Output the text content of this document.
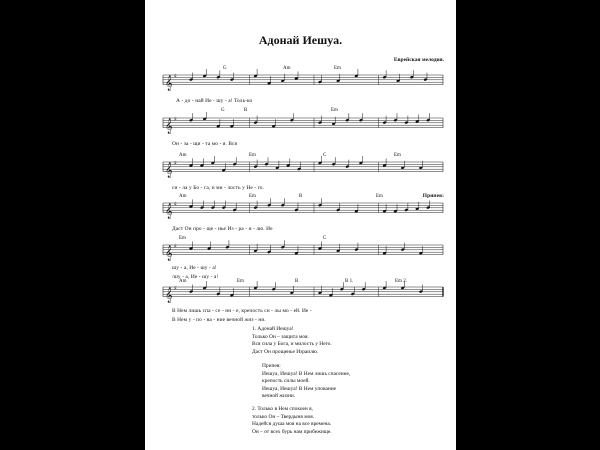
Адонай Иешуа.
Еврейская мелодия.
𝄞 ♯
𝄞 ♯
𝄞 ♯
𝄞 ♯
𝄞 ♯
𝄞 ♯
G	Am	Em
А - до - най Ие - шу - а! Толь-ко
G	B	Em
Он - за - щи - та мо - я. Вся
Am	Em	C	Em
си - ла у Бо - га, и ми - лость у Не - го.
Am	Em	B	Em	Припев:
Даст Он про - ще - нье Из - ра - и - лю. Ие
Em	C
шу - а, Ие - шу - а!
/шу - а, Ие - шу - а!
Am	Em	B	B 1.	Em 2.
В Нем лишь спа - се - ни - е, крепость си - лы мо - ей. Ие -
В Нем у - по - ва - ние вечной жиз - ни.
1. Адонай Иешуа!
Только Он – защита моя.
Вся сила у Бога, и милость у Него.
Даст Он прощенье Израилю.
Припев:
Иешуа, Иешуа! В Нем лишь спасение,
крепость силы моей.
Иешуа, Иешуа! В Нем упование
вечной жизни.
2. Только в Нем спокоен я,
только Он – Твердыня моя.
Надейся душа моя на все времена.
Он – от всех бурь нам прибежище.
